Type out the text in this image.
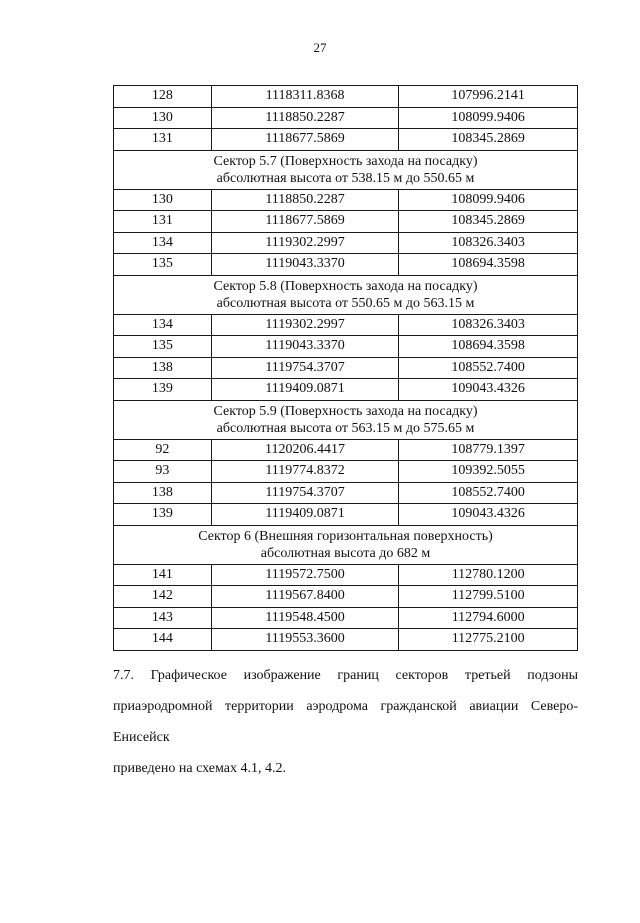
27
128	1118311.8368	107996.2141
130	1118850.2287	108099.9406
131	1118677.5869	108345.2869

Сектор 5.7 (Поверхность захода на посадку)
абсолютная высота от 538.15 м до 550.65 м		

130	1118850.2287	108099.9406
131	1118677.5869	108345.2869
134	1119302.2997	108326.3403
135	1119043.3370	108694.3598

Сектор 5.8 (Поверхность захода на посадку)
абсолютная высота от 550.65 м до 563.15 м		

134	1119302.2997	108326.3403
135	1119043.3370	108694.3598
138	1119754.3707	108552.7400
139	1119409.0871	109043.4326

Сектор 5.9 (Поверхность захода на посадку)
абсолютная высота от 563.15 м до 575.65 м		

92	1120206.4417	108779.1397
93	1119774.8372	109392.5055
138	1119754.3707	108552.7400
139	1119409.0871	109043.4326

Сектор 6 (Внешняя горизонтальная поверхность)
абсолютная высота до 682 м		

141	1119572.7500	112780.1200
142	1119567.8400	112799.5100
143	1119548.4500	112794.6000
144	1119553.3600	112775.2100
7.7. Графическое изображение границ секторов третьей подзоны
приаэродромной территории аэродрома гражданской авиации Северо-Енисейск
приведено на схемах 4.1, 4.2.
